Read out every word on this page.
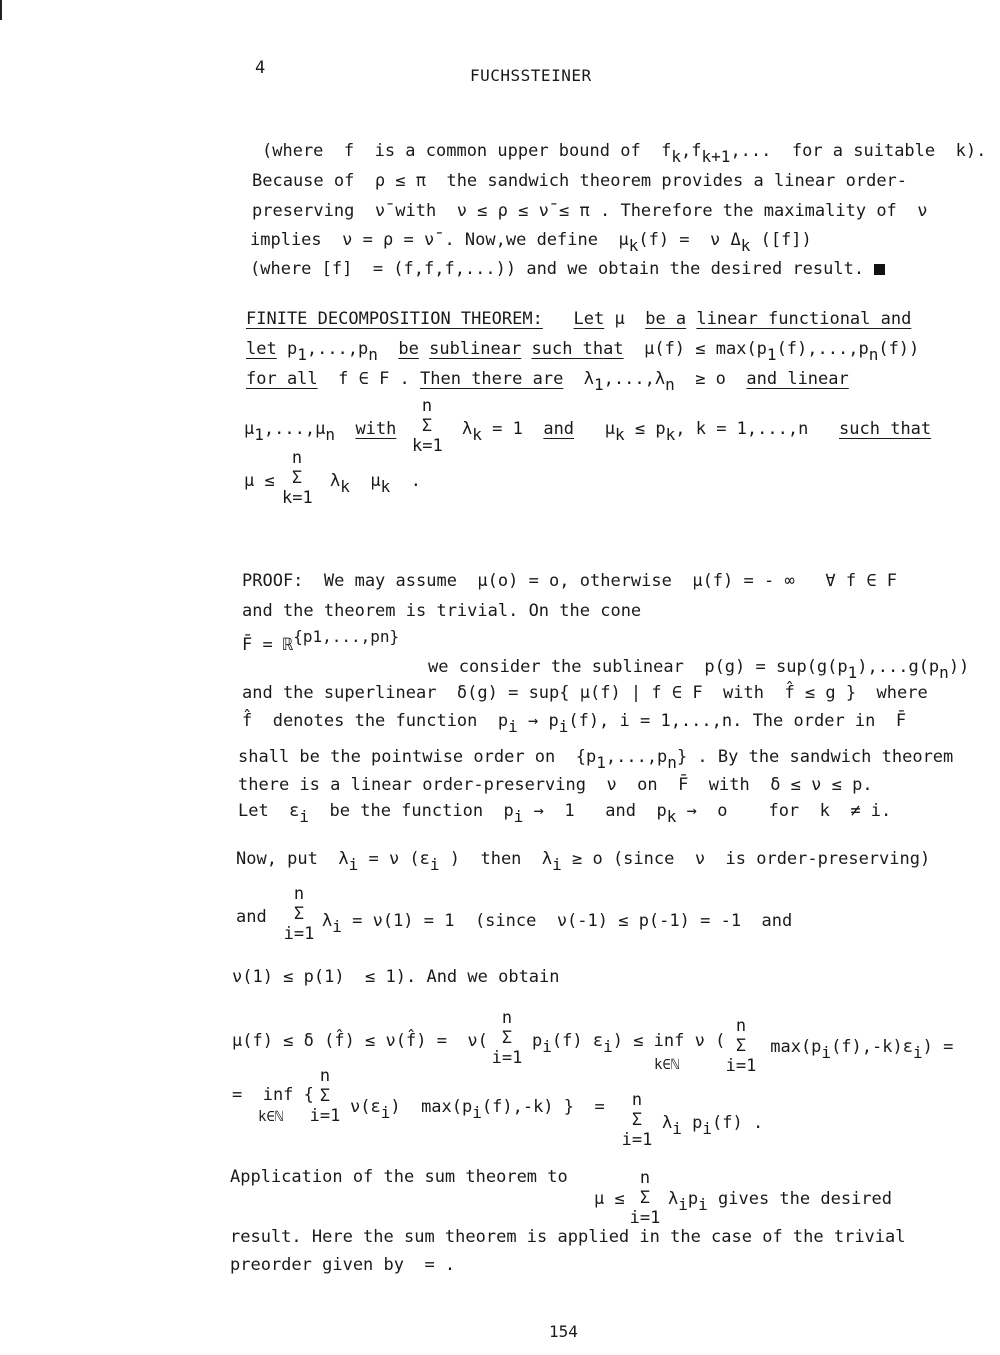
4	FUCHSSTEINER
(where  f  is a common upper bound of  fk,fk+1,...  for a suitable  k).
Because of  ρ ≤ π  the sandwich theorem provides a linear order-
preserving  ν̄ with  ν ≤ ρ ≤ ν̄ ≤ π . Therefore the maximality of  ν
implies  ν = ρ = ν̄ . Now,we define  μk(f) =  ν Δk ([f])
(where [f]  = (f,f,f,...)) and we obtain the desired result.
FINITE DECOMPOSITION THEOREM: Let μ  be a linear functional and
let p1,...,pn be sublinear such that  μ(f) ≤ max(p1(f),...,pn(f))
for all  f ∈ F . Then there are  λ1,...,λn  ≥ o  and linear
μ1,...,μn with
n
Σ
k=1
λk = 1 and μk ≤ pk, k = 1,...,n such that
μ ≤
n
Σ
k=1
λk  μk  .
PROOF:  We may assume  μ(o) = o, otherwise  μ(f) = - ∞   ∀ f ∈ F
and the theorem is trivial. On the cone
F̄ = ℝ{p1,...,pn}
we consider the sublinear  p(g) = sup(g(p1),...g(pn))
and the superlinear  δ(g) = sup{ μ(f) | f ∈ F  with  f̂ ≤ g }  where
f̂  denotes the function  pi → pi(f), i = 1,...,n. The order in  F̄
shall be the pointwise order on  {p1,...,pn} . By the sandwich theorem
there is a linear order-preserving  ν  on  F̄  with  δ ≤ ν ≤ p.
Let  εi  be the function  pi →  1   and  pk →  o    for  k  ≠ i.
Now, put  λi = ν (εi )  then  λi ≥ o (since  ν  is order-preserving)
and
n
Σ
i=1
λi = ν(1) = 1  (since  ν(-1) ≤ p(-1) = -1  and
ν(1) ≤ p(1)  ≤ 1). And we obtain
μ(f) ≤ δ (f̂) ≤ ν(f̂) =  ν(
n
Σ
i=1
pi(f) εi) ≤ inf ν (
k∈ℕ
n
Σ
i=1
max(pi(f),-k)εi) =
=  inf {
k∈ℕ
n
Σ
i=1 ν(εi)  max(pi(f),-k) }  =	n
Σ
i=1
λi pi(f) .
Application of the sum theorem to
μ ≤
n
Σ
i=1
λipi gives the desired
result. Here the sum theorem is applied in the case of the trivial
preorder given by  = .
154
